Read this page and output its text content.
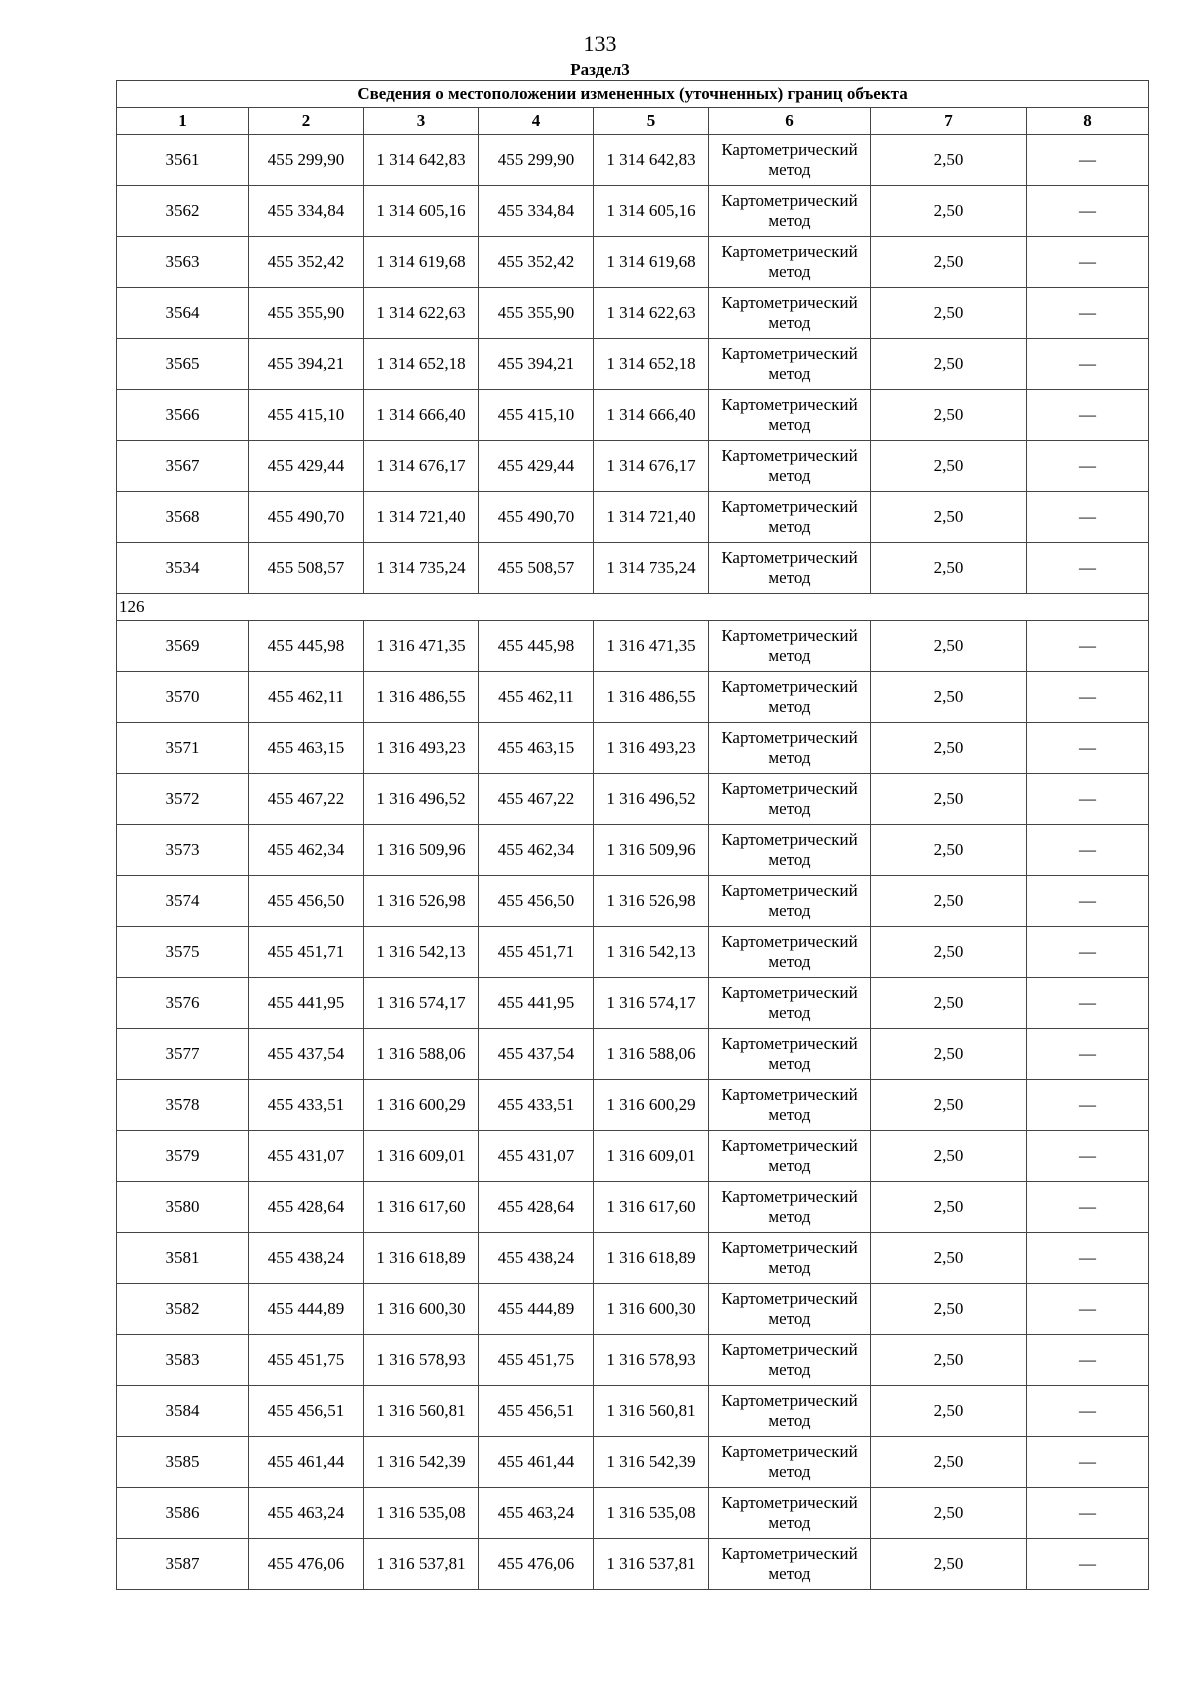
133
Раздел3
Сведения о местоположении измененных (уточненных) границ объекта							
1	2	3	4	5	6	7	8
3561	455 299,90	1 314 642,83	455 299,90	1 314 642,83	Картометрический метод	2,50	—
3562	455 334,84	1 314 605,16	455 334,84	1 314 605,16	Картометрический метод	2,50	—
3563	455 352,42	1 314 619,68	455 352,42	1 314 619,68	Картометрический метод	2,50	—
3564	455 355,90	1 314 622,63	455 355,90	1 314 622,63	Картометрический метод	2,50	—
3565	455 394,21	1 314 652,18	455 394,21	1 314 652,18	Картометрический метод	2,50	—
3566	455 415,10	1 314 666,40	455 415,10	1 314 666,40	Картометрический метод	2,50	—
3567	455 429,44	1 314 676,17	455 429,44	1 314 676,17	Картометрический метод	2,50	—
3568	455 490,70	1 314 721,40	455 490,70	1 314 721,40	Картометрический метод	2,50	—
3534	455 508,57	1 314 735,24	455 508,57	1 314 735,24	Картометрический метод	2,50	—
126							
3569	455 445,98	1 316 471,35	455 445,98	1 316 471,35	Картометрический метод	2,50	—
3570	455 462,11	1 316 486,55	455 462,11	1 316 486,55	Картометрический метод	2,50	—
3571	455 463,15	1 316 493,23	455 463,15	1 316 493,23	Картометрический метод	2,50	—
3572	455 467,22	1 316 496,52	455 467,22	1 316 496,52	Картометрический метод	2,50	—
3573	455 462,34	1 316 509,96	455 462,34	1 316 509,96	Картометрический метод	2,50	—
3574	455 456,50	1 316 526,98	455 456,50	1 316 526,98	Картометрический метод	2,50	—
3575	455 451,71	1 316 542,13	455 451,71	1 316 542,13	Картометрический метод	2,50	—
3576	455 441,95	1 316 574,17	455 441,95	1 316 574,17	Картометрический метод	2,50	—
3577	455 437,54	1 316 588,06	455 437,54	1 316 588,06	Картометрический метод	2,50	—
3578	455 433,51	1 316 600,29	455 433,51	1 316 600,29	Картометрический метод	2,50	—
3579	455 431,07	1 316 609,01	455 431,07	1 316 609,01	Картометрический метод	2,50	—
3580	455 428,64	1 316 617,60	455 428,64	1 316 617,60	Картометрический метод	2,50	—
3581	455 438,24	1 316 618,89	455 438,24	1 316 618,89	Картометрический метод	2,50	—
3582	455 444,89	1 316 600,30	455 444,89	1 316 600,30	Картометрический метод	2,50	—
3583	455 451,75	1 316 578,93	455 451,75	1 316 578,93	Картометрический метод	2,50	—
3584	455 456,51	1 316 560,81	455 456,51	1 316 560,81	Картометрический метод	2,50	—
3585	455 461,44	1 316 542,39	455 461,44	1 316 542,39	Картометрический метод	2,50	—
3586	455 463,24	1 316 535,08	455 463,24	1 316 535,08	Картометрический метод	2,50	—
3587	455 476,06	1 316 537,81	455 476,06	1 316 537,81	Картометрический метод	2,50	—
